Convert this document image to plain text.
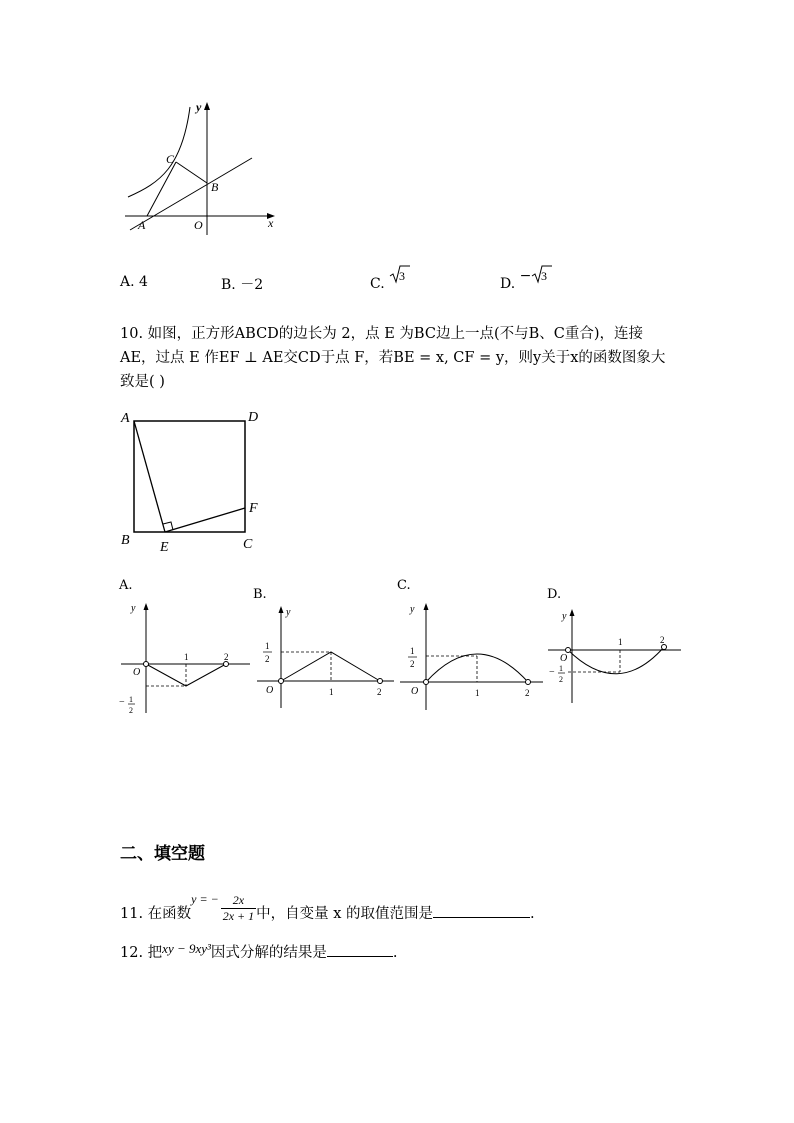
y
x
O
A
B
C
A. 4	B. －2	C. 3	D. − 3
10. 如图，正方形ABCD的边长为 2，点 E 为BC边上一点(不与B、C重合)，连接
AE，过点 E 作EF ⊥ AE交CD于点 F，若BE = x, CF = y，则y关于x的函数图象大
致是( )
A	D
B E	C
F
A.
y
O
1	2
− 1
2
B.
y
O	1	2
1
2
C.
y
O	1	2
1
2
D.
y
O
1	2
− 1
2
二、填空题
11. 在函数y = − $\frac{2x}{2x + 1}$ 中，自变量 x 的取值范围是	.
12. 把xy − 9xy³因式分解的结果是	.
